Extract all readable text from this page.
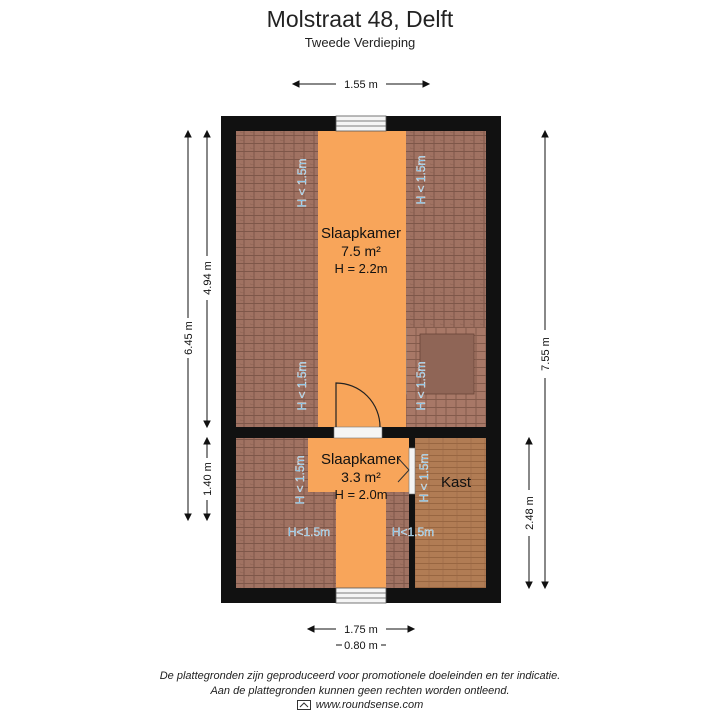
Molstraat 48, Delft
Tweede Verdieping
H < 1.5m	H < 1.5m
H < 1.5m	H < 1.5m
H < 1.5m	H < 1.5m
H<1.5m	H<1.5m
Slaapkamer
7.5 m²
H = 2.2m
Slaapkamer
3.3 m²
H = 2.0m
Kast
1.55 m
1.75 m
0.80 m
6.45 m
4.94 m
1.40 m
7.55 m
2.48 m
De plattegronden zijn geproduceerd voor promotionele doeleinden en ter indicatie.
Aan de plattegronden kunnen geen rechten worden ontleend.
www.roundsense.com
